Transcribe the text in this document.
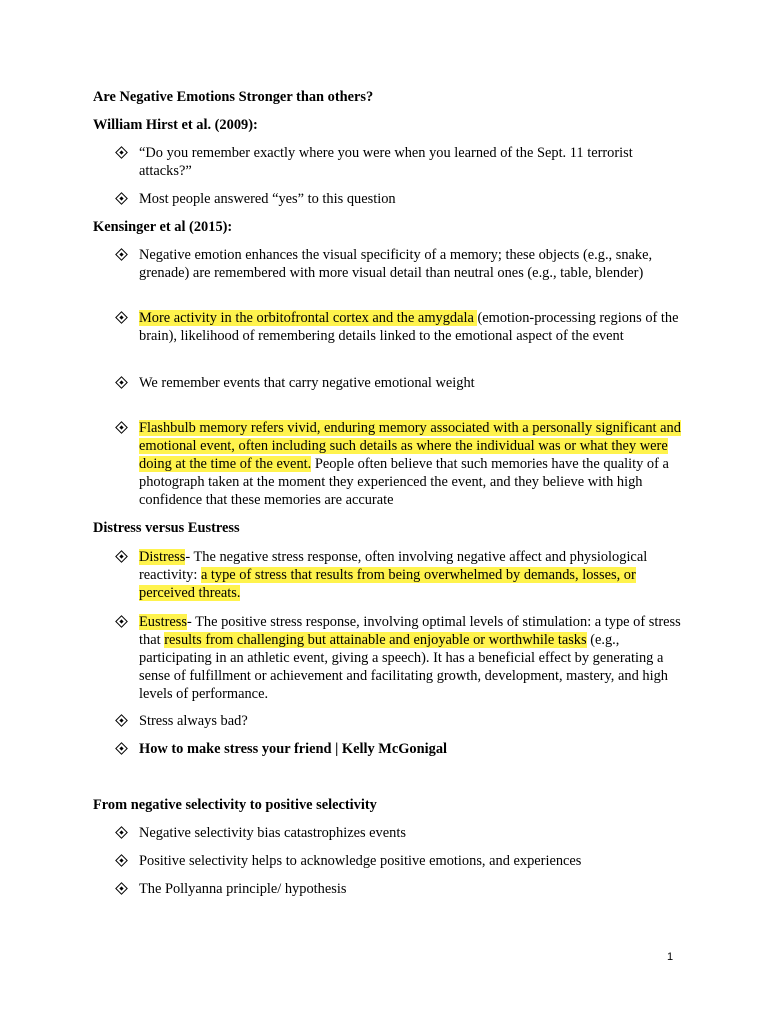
Are Negative Emotions Stronger than others?
William Hirst et al. (2009):
“Do you remember exactly where you were when you learned of the Sept. 11 terrorist attacks?”
Most people answered “yes” to this question
Kensinger et al (2015):
Negative emotion enhances the visual specificity of a memory; these objects (e.g., snake, grenade) are remembered with more visual detail than neutral ones (e.g., table, blender)
More activity in the orbitofrontal cortex and the amygdala (emotion-processing regions of the brain), likelihood of remembering details linked to the emotional aspect of the event
We remember events that carry negative emotional weight
Flashbulb memory refers vivid, enduring memory associated with a personally significant and emotional event, often including such details as where the individual was or what they were doing at the time of the event. People often believe that such memories have the quality of a photograph taken at the moment they experienced the event, and they believe with high confidence that these memories are accurate
Distress versus Eustress
Distress- The negative stress response, often involving negative affect and physiological reactivity: a type of stress that results from being overwhelmed by demands, losses, or perceived threats.
Eustress- The positive stress response, involving optimal levels of stimulation: a type of stress that results from challenging but attainable and enjoyable or worthwhile tasks (e.g., participating in an athletic event, giving a speech). It has a beneficial effect by generating a sense of fulfillment or achievement and facilitating growth, development, mastery, and high levels of performance.
Stress always bad?
How to make stress your friend | Kelly McGonigal
From negative selectivity to positive selectivity
Negative selectivity bias catastrophizes events
Positive selectivity helps to acknowledge positive emotions, and experiences
The Pollyanna principle/ hypothesis
1
